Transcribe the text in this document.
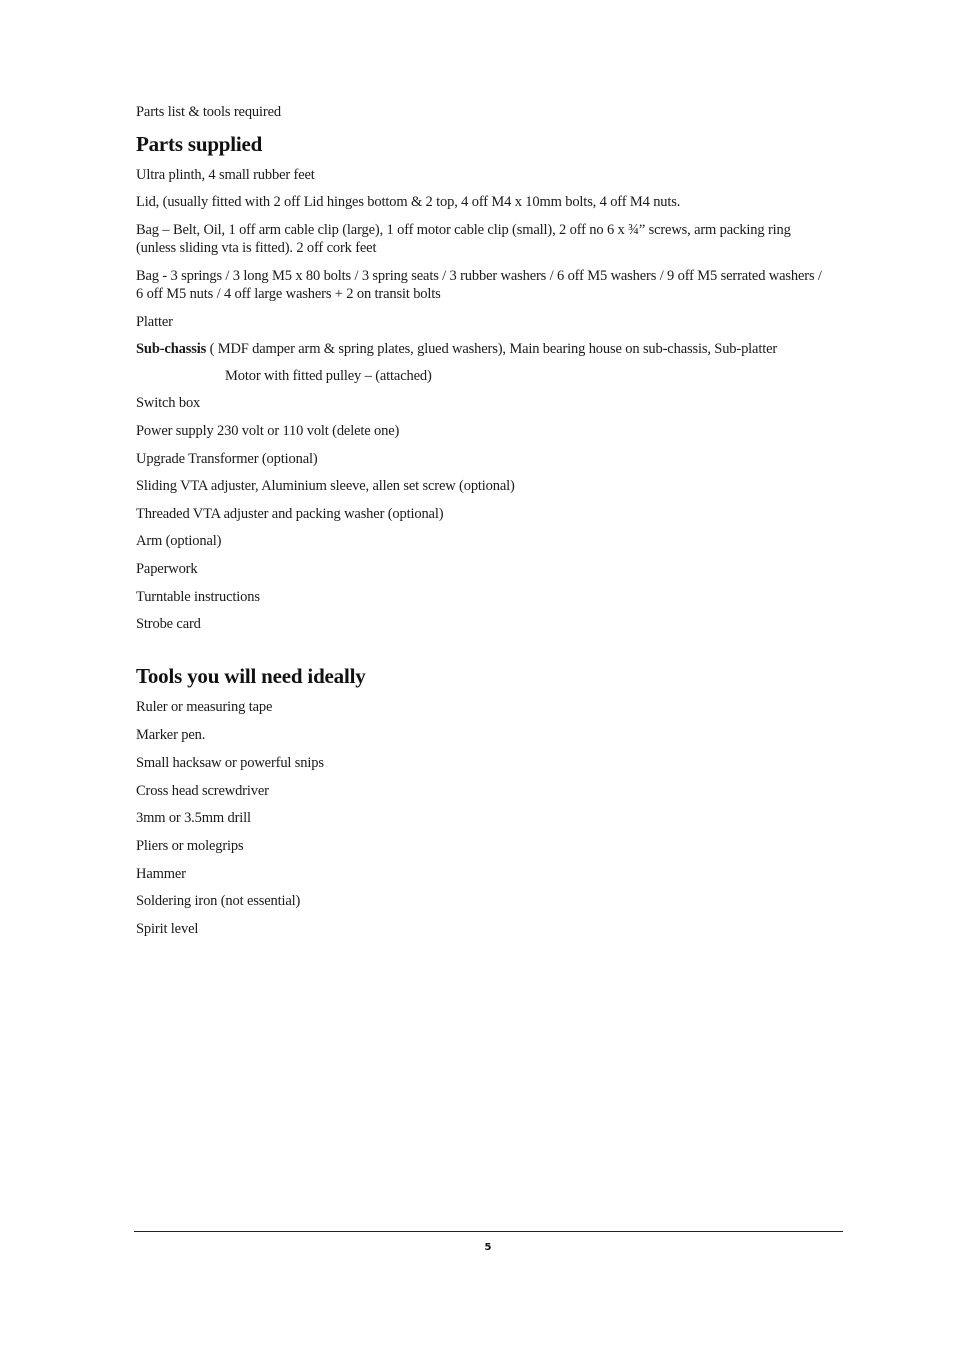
Parts list & tools required
Parts supplied
Ultra plinth, 4 small rubber feet
Lid, (usually fitted with 2 off Lid hinges bottom & 2 top, 4 off M4 x 10mm bolts, 4 off M4 nuts.
Bag – Belt, Oil, 1 off arm cable clip (large), 1 off motor cable clip (small), 2 off no 6 x ¾” screws, arm packing ring (unless sliding vta is fitted). 2 off cork feet
Bag - 3 springs / 3 long M5 x 80 bolts / 3 spring seats / 3 rubber washers / 6 off M5 washers / 9 off M5 serrated washers / 6 off M5 nuts / 4 off large washers + 2 on transit bolts
Platter
Sub-chassis ( MDF damper arm & spring plates, glued washers), Main bearing house on sub-chassis, Sub-platter
Motor with fitted pulley – (attached)
Switch box
Power supply 230 volt or 110 volt (delete one)
Upgrade Transformer (optional)
Sliding VTA adjuster, Aluminium sleeve, allen set screw (optional)
Threaded VTA adjuster and packing washer (optional)
Arm (optional)
Paperwork
Turntable instructions
Strobe card
Tools you will need ideally
Ruler or measuring tape
Marker pen.
Small hacksaw or powerful snips
Cross head screwdriver
3mm or 3.5mm drill
Pliers or molegrips
Hammer
Soldering iron (not essential)
Spirit level
5
